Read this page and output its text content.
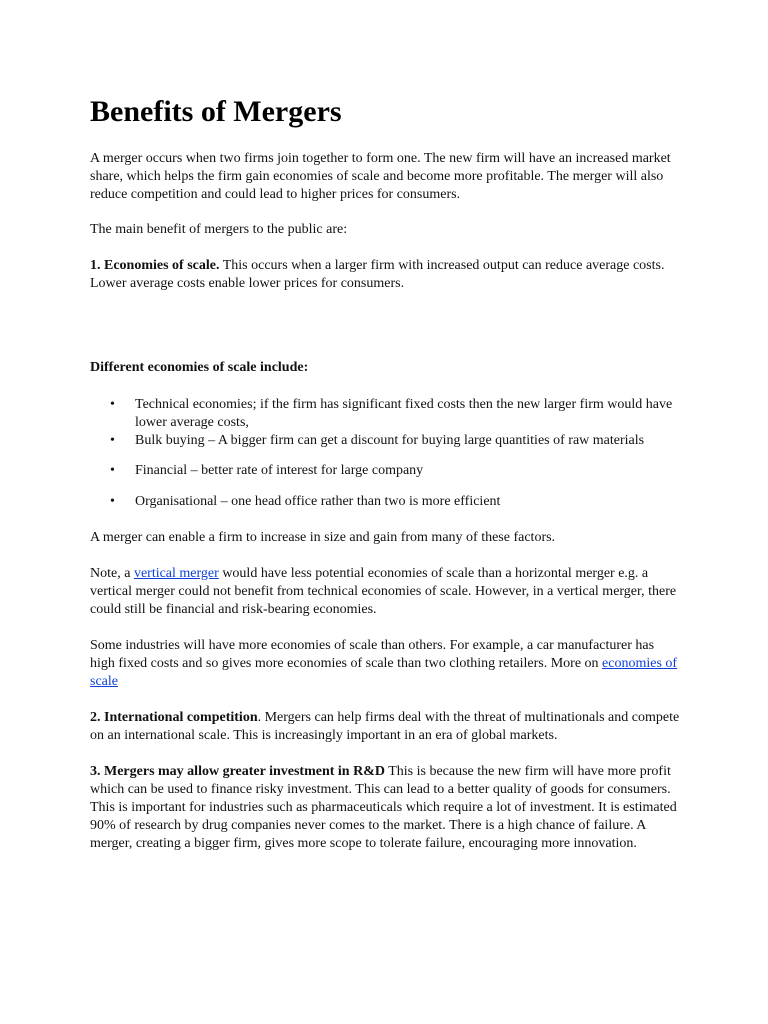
Benefits of Mergers

A merger occurs when two firms join together to form one. The new firm will have an increased market share, which helps the firm gain economies of scale and become more profitable. The merger will also reduce competition and could lead to higher prices for consumers.

The main benefit of mergers to the public are:

1. Economies of scale. This occurs when a larger firm with increased output can reduce average costs. Lower average costs enable lower prices for consumers.

Different economies of scale include:

• Technical economies; if the firm has significant fixed costs then the new larger firm would have lower average costs,
• Bulk buying – A bigger firm can get a discount for buying large quantities of raw materials
• Financial – better rate of interest for large company
• Organisational – one head office rather than two is more efficient

A merger can enable a firm to increase in size and gain from many of these factors.

Note, a vertical merger would have less potential economies of scale than a horizontal merger e.g. a vertical merger could not benefit from technical economies of scale. However, in a vertical merger, there could still be financial and risk-bearing economies.

Some industries will have more economies of scale than others. For example, a car manufacturer has high fixed costs and so gives more economies of scale than two clothing retailers. More on economies of scale

2. International competition. Mergers can help firms deal with the threat of multinationals and compete on an international scale. This is increasingly important in an era of global markets.

3. Mergers may allow greater investment in R&D This is because the new firm will have more profit which can be used to finance risky investment. This can lead to a better quality of goods for consumers. This is important for industries such as pharmaceuticals which require a lot of investment. It is estimated 90% of research by drug companies never comes to the market. There is a high chance of failure. A merger, creating a bigger firm, gives more scope to tolerate failure, encouraging more innovation.
